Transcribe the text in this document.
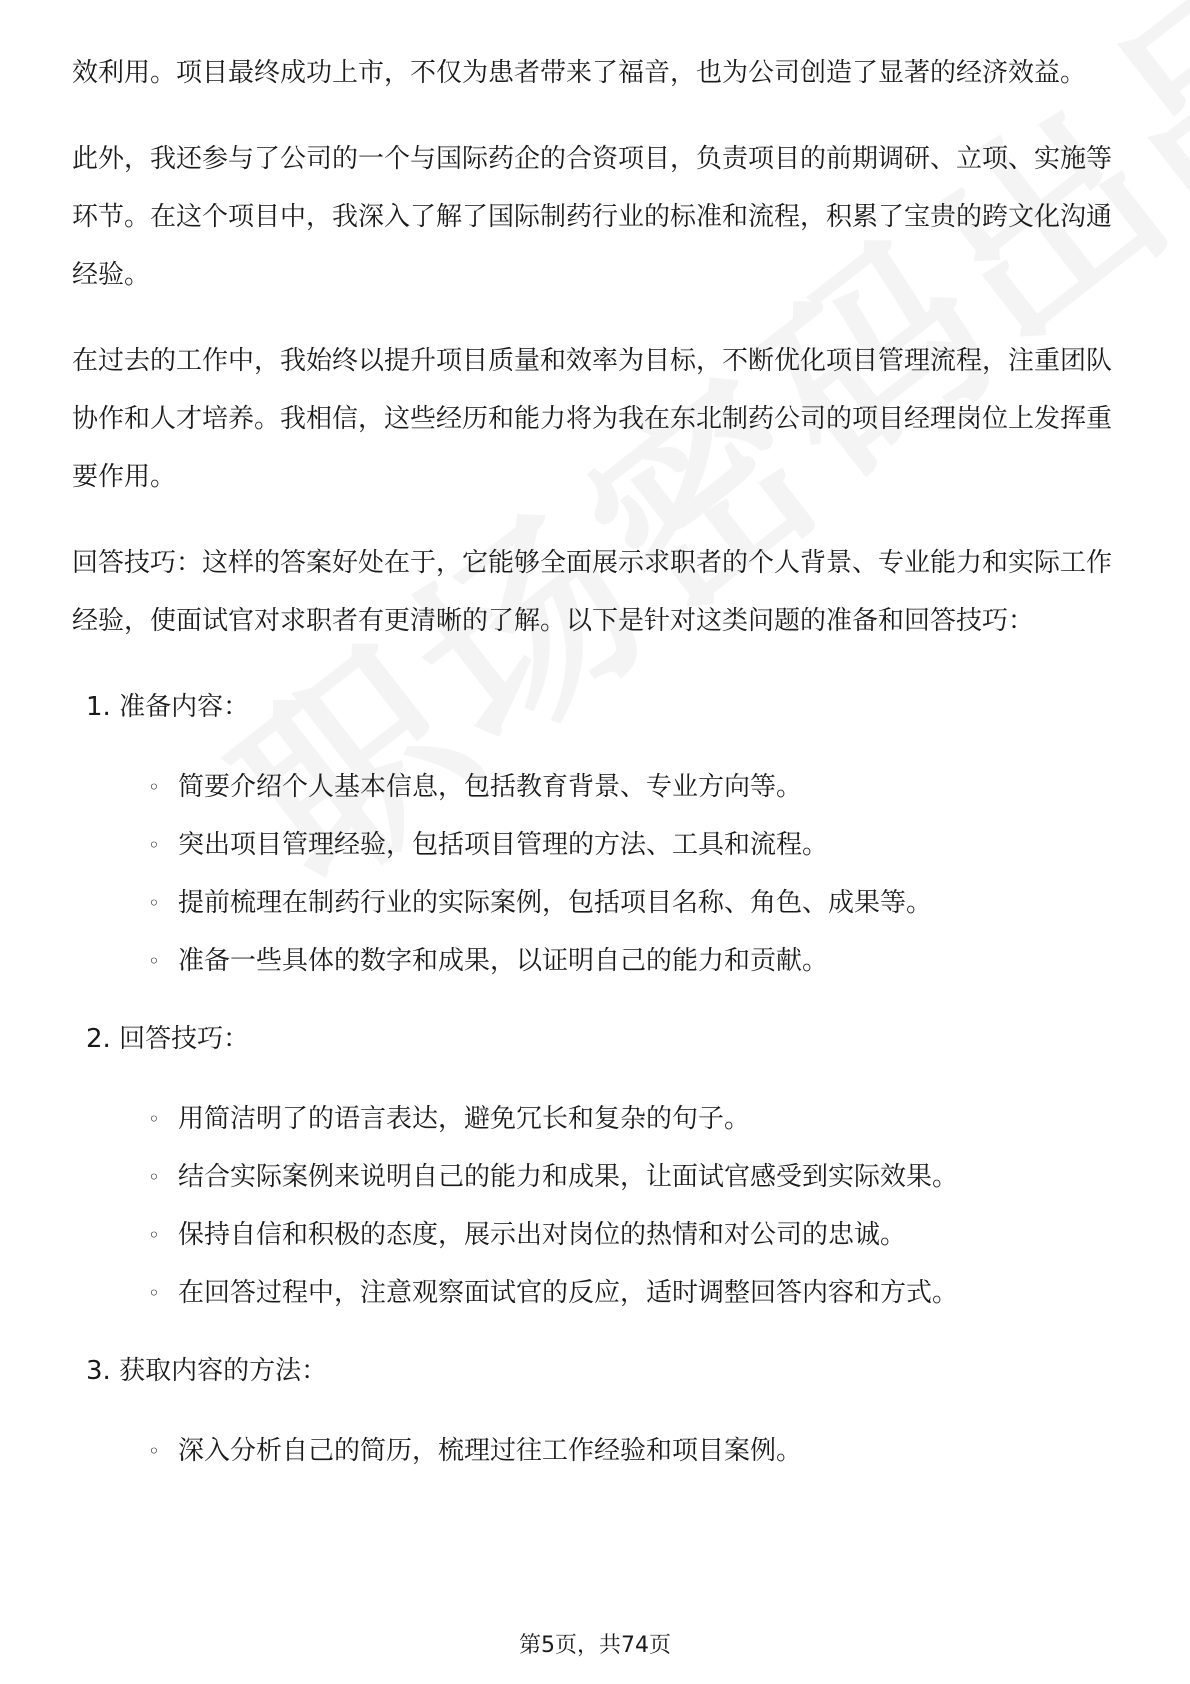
效利用。项目最终成功上市，不仅为患者带来了福音，也为公司创造了显著的经济效益。

此外，我还参与了公司的一个与国际药企的合资项目，负责项目的前期调研、立项、实施等环节。在这个项目中，我深入了解了国际制药行业的标准和流程，积累了宝贵的跨文化沟通经验。

在过去的工作中，我始终以提升项目质量和效率为目标，不断优化项目管理流程，注重团队协作和人才培养。我相信，这些经历和能力将为我在东北制药公司的项目经理岗位上发挥重要作用。

回答技巧：这样的答案好处在于，它能够全面展示求职者的个人背景、专业能力和实际工作经验，使面试官对求职者有更清晰的了解。以下是针对这类问题的准备和回答技巧：

1. 准备内容：
◦ 简要介绍个人基本信息，包括教育背景、专业方向等。
◦ 突出项目管理经验，包括项目管理的方法、工具和流程。
◦ 提前梳理在制药行业的实际案例，包括项目名称、角色、成果等。
◦ 准备一些具体的数字和成果，以证明自己的能力和贡献。
2. 回答技巧：
◦ 用简洁明了的语言表达，避免冗长和复杂的句子。
◦ 结合实际案例来说明自己的能力和成果，让面试官感受到实际效果。
◦ 保持自信和积极的态度，展示出对岗位的热情和对公司的忠诚。
◦ 在回答过程中，注意观察面试官的反应，适时调整回答内容和方式。
3. 获取内容的方法：
◦ 深入分析自己的简历，梳理过往工作经验和项目案例。
第5页，共74页
